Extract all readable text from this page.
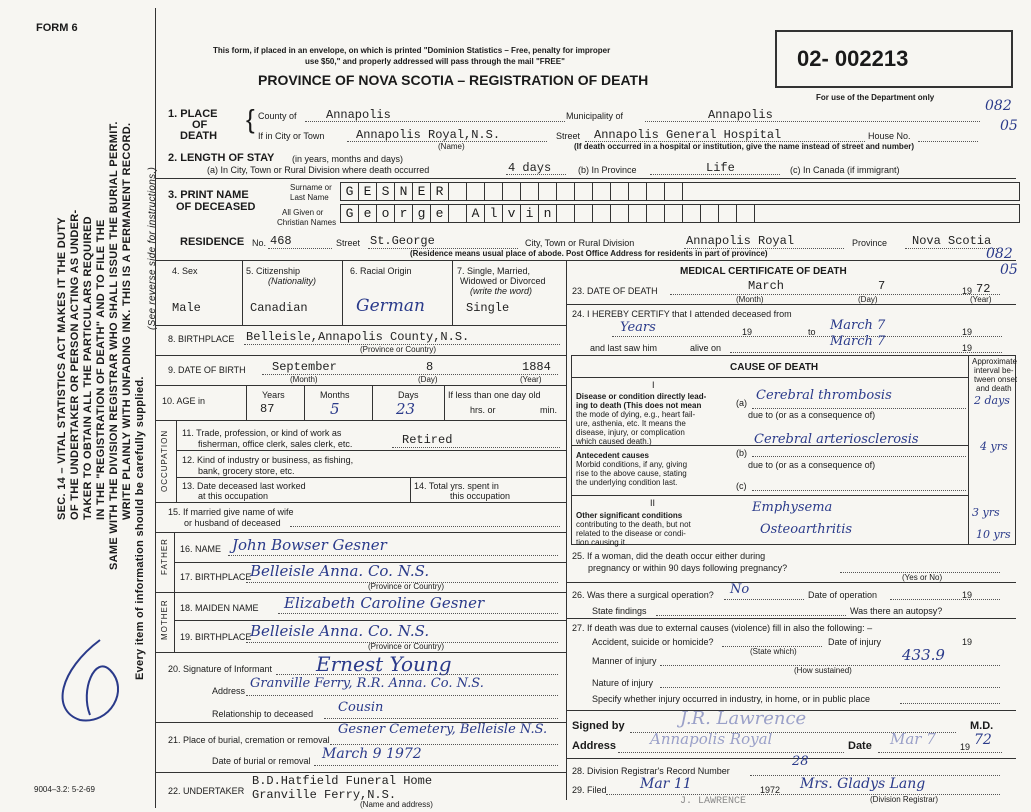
FORM 6
This form, if placed in an envelope, on which is printed "Dominion Statistics – Free, penalty for improper
use $50," and properly addressed will pass through the mail "FREE"
PROVINCE OF NOVA SCOTIA – REGISTRATION OF DEATH
02- 002213
For use of the Department only
082
05
SEC. 14 – VITAL STATISTICS ACT MAKES IT THE DUTY OF THE UNDERTAKER OR PERSON ACTING AS UNDER- TAKER TO OBTAIN ALL THE PARTICULARS REQUIRED IN THE "REGISTRATION OF DEATH" AND TO FILE THE SAME WITH THE DIVISION REGISTRAR WHO SHALL ISSUE THE BURIAL PERMIT. WRITE PLAINLY WITH UNFADING INK. THIS IS A PERMANENT RECORD.
Every item of information should be carefully supplied.
(See reverse side for instructions.)
9004–3.2: 5-2-69
1. PLACE
OF
DEATH
{ County of Annapolis	Municipality of	Annapolis
If in City or Town	Annapolis Royal,N.S.
(Name)
Street Annapolis General Hospital	House No.
(If death occurred in a hospital or institution, give the name instead of street and number)
2. LENGTH OF STAY (in years, months and days)
(a) In City, Town or Rural Division where death occurred	4 days	(b) In Province	Life	(c) In Canada (if immigrant)
3. PRINT NAME
OF DECEASED
Surname or
Last Name
All Given or
Christian Names
G E S N E R
G e o r g e	A l v i n
RESIDENCE No. 468	Street St.George	City, Town or Rural Division	Annapolis Royal	Province Nova Scotia
(Residence means usual place of abode. Post Office Address for residents in part of province)	082
05
4. Sex
Male
5. Citizenship
(Nationality)
Canadian
6. Racial Origin
German
7. Single, Married,
Widowed or Divorced
(write the word)
Single
8. BIRTHPLACE Belleisle,Annapolis County,N.S.
(Province or Country)
9. DATE OF BIRTH September	8	1884
(Month)	(Day)	(Year)
10. AGE in
Years
87
Months
5
Days
23
If less than one day old
hrs. or	min.
OCCUPATION 11. Trade, profession, or kind of work as
fisherman, office clerk, sales clerk, etc.	Retired
12. Kind of industry or business, as fishing,
bank, grocery store, etc.
13. Date deceased last worked
at this occupation
14. Total yrs. spent in
this occupation
15. If married give name of wife
or husband of deceased
FATHER 16. NAME John Bowser Gesner
17. BIRTHPLACE
Belleisle Anna. Co. N.S.
(Province or Country)
MOTHER 18. MAIDEN NAME Elizabeth Caroline Gesner
19. BIRTHPLACE
Belleisle Anna. Co. N.S.
(Province or Country)
20. Signature of Informant Ernest Young
Address Granville Ferry, R.R. Anna. Co. N.S.
Relationship to deceased Cousin
21. Place of burial, cremation or removal
Gesner Cemetery, Belleisle N.S.
Date of burial or removal March 9 1972
22. UNDERTAKER
B.D.Hatfield Funeral Home
Granville Ferry,N.S.
(Name and address)
MEDICAL CERTIFICATE OF DEATH
23. DATE OF DEATH	March	7	19 72
(Month)	(Day)	(Year)
24. I HEREBY CERTIFY that I attended deceased from
Years	19	to March 7	19
and last saw him	alive on	March 7	19
CAUSE OF DEATH
Approximate
interval be-
tween onset
and death
I
Disease or condition directly lead-
ing to death (This does not mean
the mode of dying, e.g., heart fail-
ure, asthenia, etc. It means the
disease, injury, or complication
which caused death.)
(a) Cerebral thrombosis	2 days
due to (or as a consequence of)
Antecedent causes
Morbid conditions, if any, giving
rise to the above cause, stating
the underlying condition last.
(b)
Cerebral arteriosclerosis	4 yrs
due to (or as a consequence of)
(c)
II
Other significant conditions
contributing to the death, but not
related to the disease or condi-
tion causing it.
Emphysema	3 yrs
Osteoarthritis	10 yrs
25. If a woman, did the death occur either during
pregnancy or within 90 days following pregnancy?
(Yes or No)
26. Was there a surgical operation? No	Date of operation	19
State findings	Was there an autopsy?
27. If death was due to external causes (violence) fill in also the following: –
Accident, suicide or homicide?	Date of injury	19
(State which)
Manner of injury	433.9
(How sustained)
Nature of injury
Specify whether injury occurred in industry, in home, or in public place
Signed by	J.R. Lawrence	M.D.
Address Annapolis Royal	Date Mar 7	19 72
28. Division Registrar's Record Number
28
29. Filed Mar 11	1972 Mrs. Gladys Lang
(Division Registrar)
J. LAWRENCE
